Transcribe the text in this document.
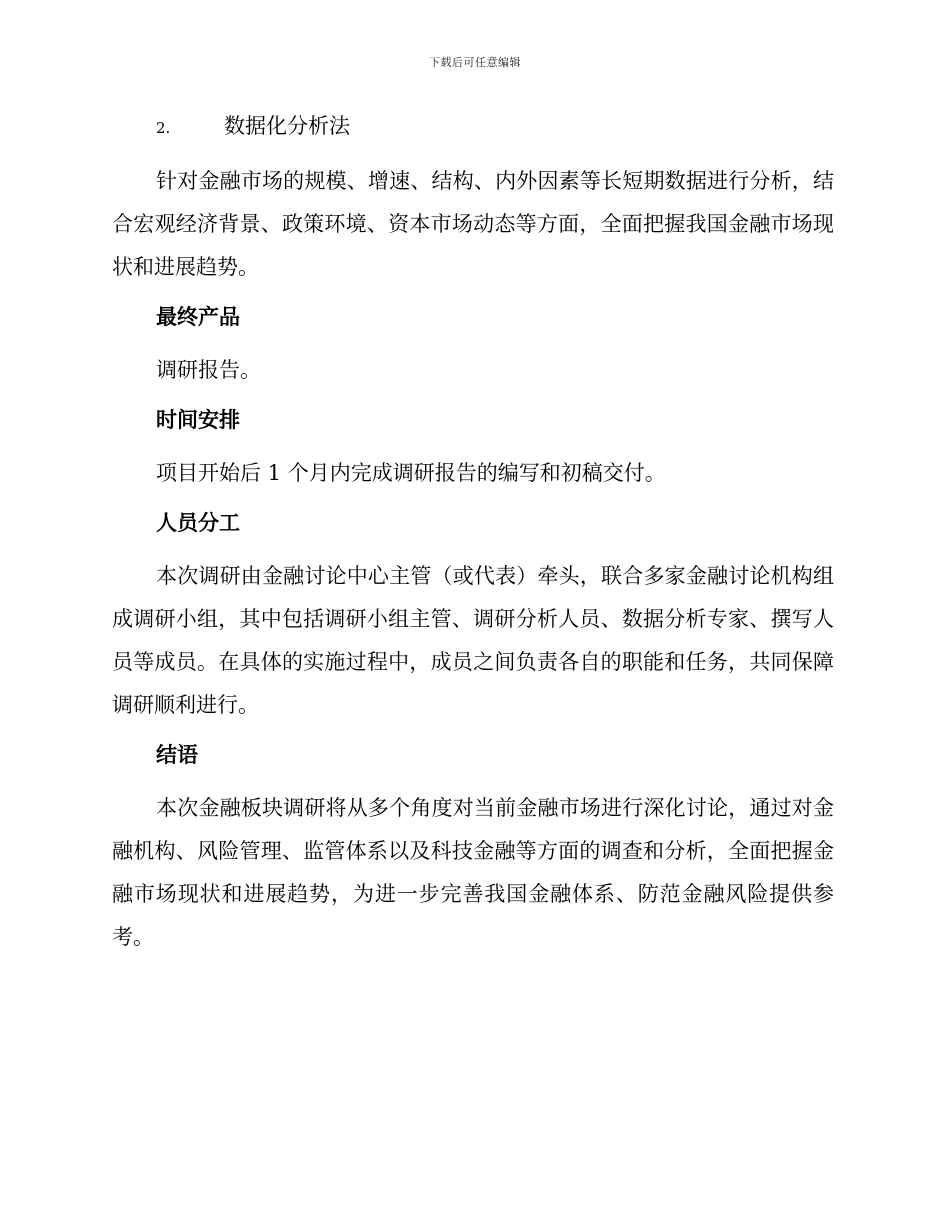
下载后可任意编辑
2.	数据化分析法

针对金融市场的规模、增速、结构、内外因素等长短期数据进行分析，结合宏观经济背景、政策环境、资本市场动态等方面，全面把握我国金融市场现状和进展趋势。

最终产品

调研报告。

时间安排

项目开始后 1 个月内完成调研报告的编写和初稿交付。

人员分工

本次调研由金融讨论中心主管（或代表）牵头，联合多家金融讨论机构组成调研小组，其中包括调研小组主管、调研分析人员、数据分析专家、撰写人员等成员。在具体的实施过程中，成员之间负责各自的职能和任务，共同保障调研顺利进行。

结语

本次金融板块调研将从多个角度对当前金融市场进行深化讨论，通过对金融机构、风险管理、监管体系以及科技金融等方面的调查和分析，全面把握金融市场现状和进展趋势，为进一步完善我国金融体系、防范金融风险提供参考。
